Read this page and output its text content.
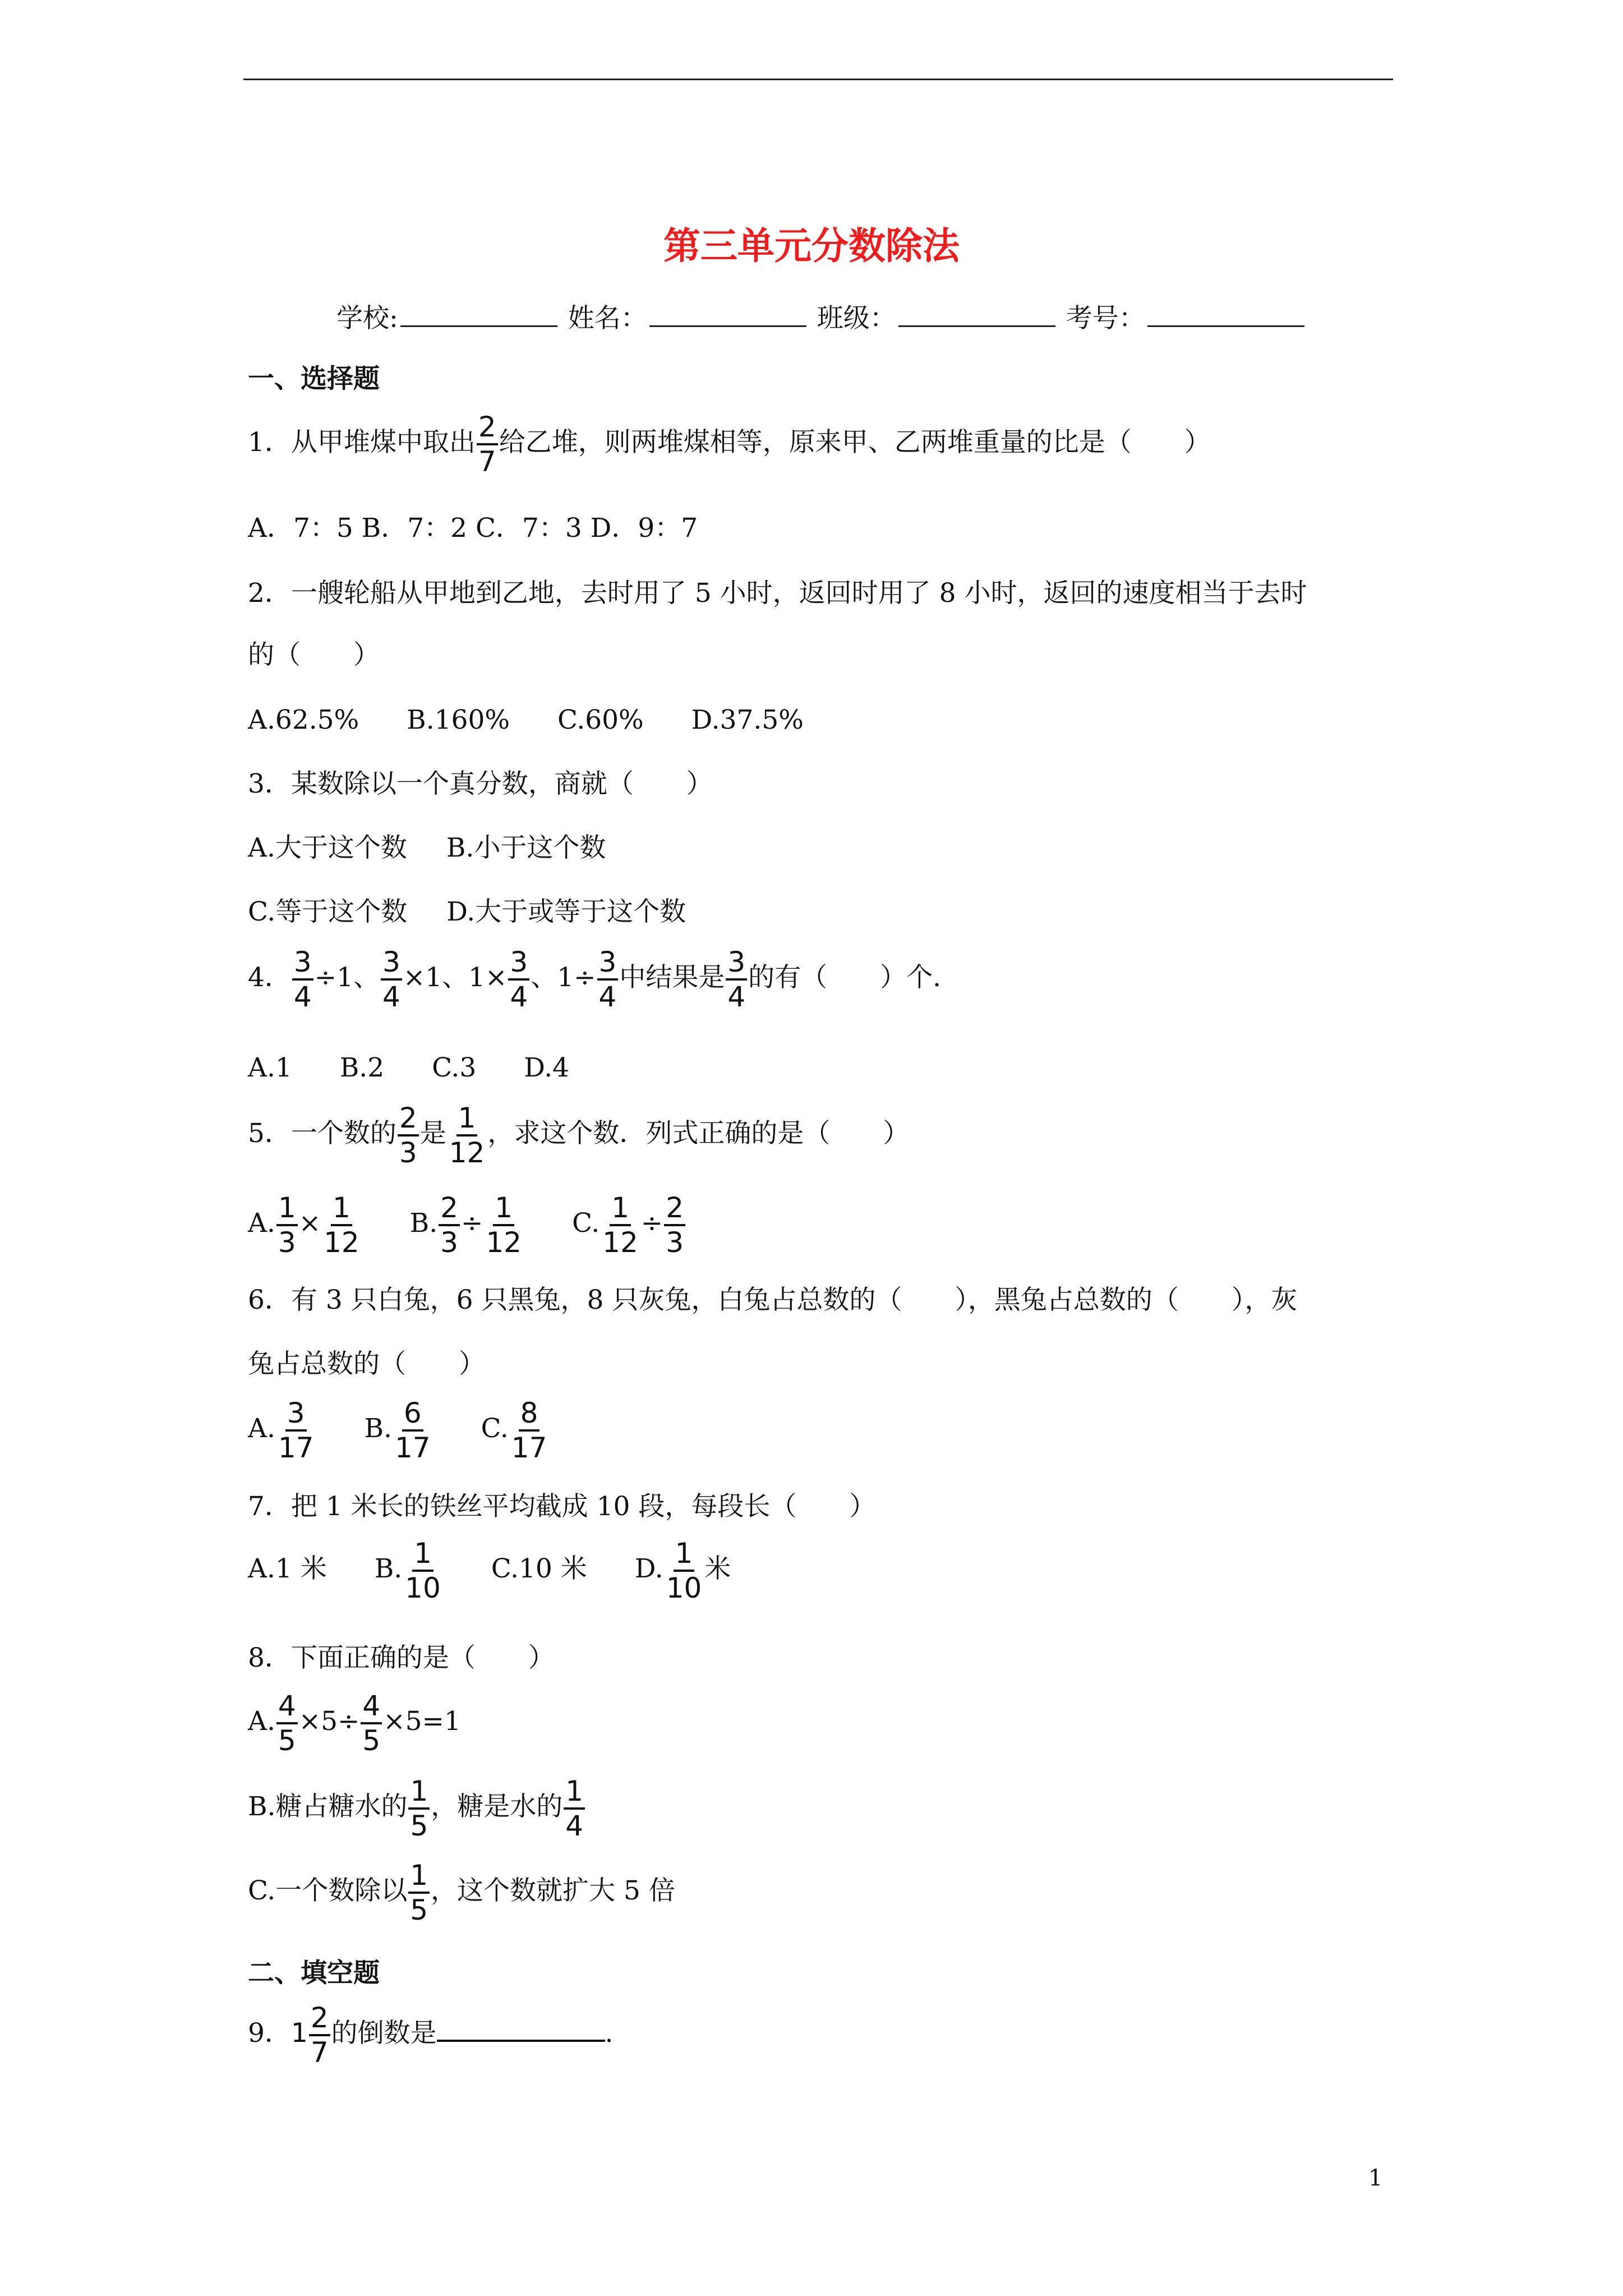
第三单元分数除法
学校:	姓名：	班级：	考号：
一、选择题
1．从甲堆煤中取出 $\frac{2}{7}$ 给乙堆，则两堆煤相等，原来甲、乙两堆重量的比是（　　）
A．7：5 B．7：2 C．7：3 D．9：7
2．一艘轮船从甲地到乙地，去时用了 5 小时，返回时用了 8 小时，返回的速度相当于去时
的（　　）
A.62.5% B.160% C.60% D.37.5%
3．某数除以一个真分数，商就（　　）
A.大于这个数 B.小于这个数
C.等于这个数 D.大于或等于这个数
4． $\frac{3}{4} \div 1$、 $\frac{3}{4} \times 1$、$1\times \frac{3}{4}$ 、$1\div \frac{3}{4}$ 中结果是 $\frac{3}{4}$ 的有（　　）个.
A.1 B.2 C.3 D.4
5．一个数的 $\frac{2}{3}$ 是 $\frac{1}{12}$ ，求这个数．列式正确的是（　　）
A. $\frac{1}{3} \times \frac{1}{12} B$. $\frac{2}{3} \div \frac{1}{12} C$. $\frac{1}{12} \div \frac{2}{3}$
6．有 3 只白兔，6 只黑兔，8 只灰兔，白兔占总数的（　　），黑兔占总数的（　　），灰
兔占总数的（　　）
A. $\frac{3}{17} B$. $\frac{6}{17} C$. $\frac{8}{17}$
7．把 1 米长的铁丝平均截成 10 段，每段长（　　）
A.1 米 B. $\frac{1}{10} C.10$ 米 D. $\frac{1}{10}$ 米
8．下面正确的是（　　）
A. $\frac{4}{5} \times 5\div \frac{4}{5} \times 5=1$
B.糖占糖水的 $\frac{1}{5}$ ，糖是水的 $\frac{1}{4}$
C.一个数除以 $\frac{1}{5}$ ，这个数就扩大 5 倍
二、填空题
9．$1 \frac{2}{7}$ 的倒数是	.
1
